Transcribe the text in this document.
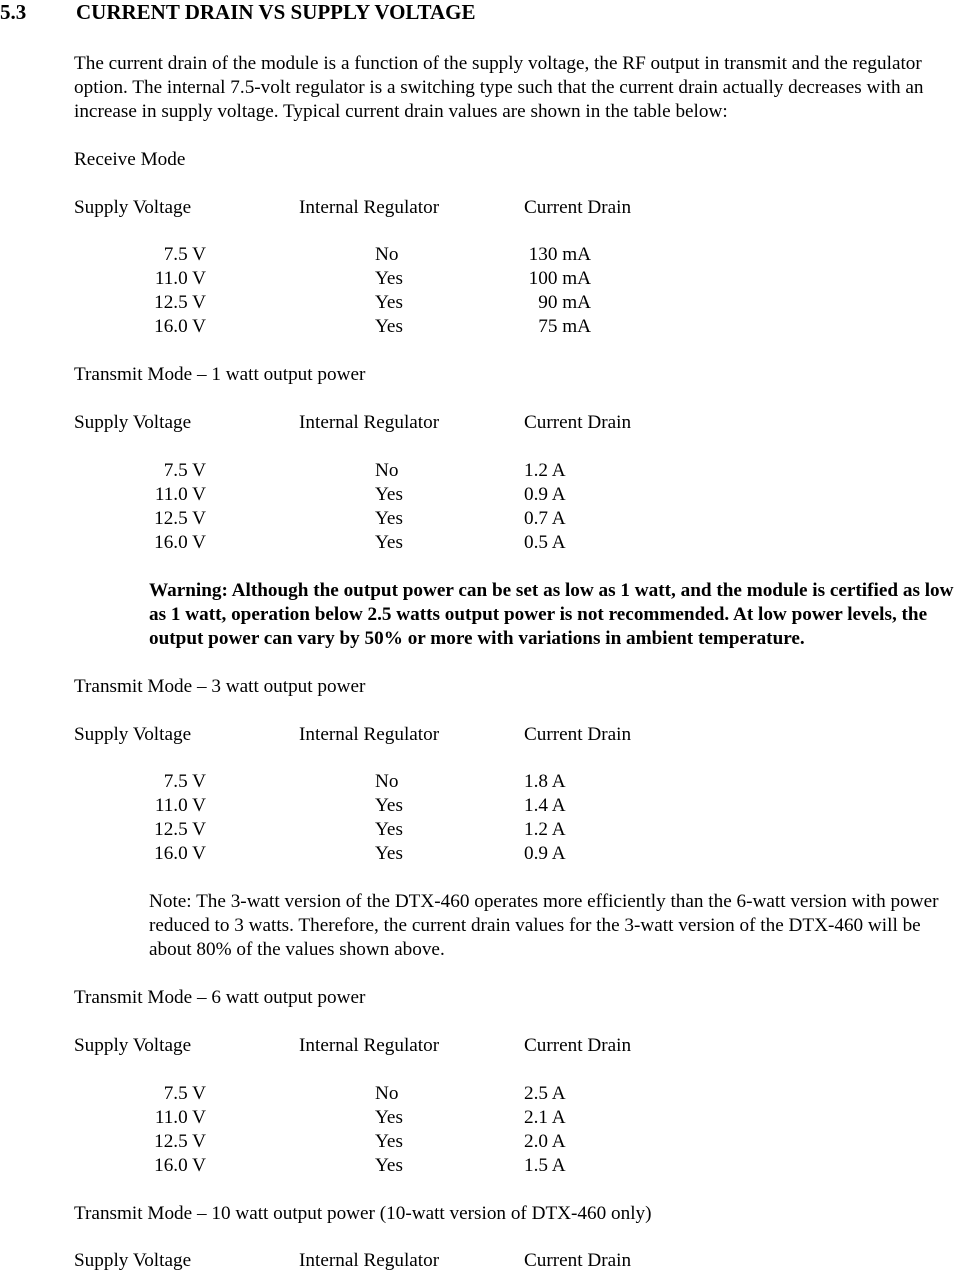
5.3 CURRENT DRAIN VS SUPPLY VOLTAGE
The current drain of the module is a function of the supply voltage, the RF output in transmit and the regulator option. The internal 7.5-volt regulator is a switching type such that the current drain actually decreases with an increase in supply voltage. Typical current drain values are shown in the table below:
Receive Mode
Supply Voltage	Internal Regulator	Current Drain
7.5 V	No	130 mA
11.0 V	Yes	100 mA
12.5 V	Yes	90 mA
16.0 V	Yes	75 mA
Transmit Mode – 1 watt output power
Supply Voltage	Internal Regulator	Current Drain
7.5 V	No	1.2 A
11.0 V	Yes	0.9 A
12.5 V	Yes	0.7 A
16.0 V	Yes	0.5 A
Warning: Although the output power can be set as low as 1 watt, and the module is certified as low as 1 watt, operation below 2.5 watts output power is not recommended. At low power levels, the output power can vary by 50% or more with variations in ambient temperature.
Transmit Mode – 3 watt output power
Supply Voltage	Internal Regulator	Current Drain
7.5 V	No	1.8 A
11.0 V	Yes	1.4 A
12.5 V	Yes	1.2 A
16.0 V	Yes	0.9 A
Note: The 3-watt version of the DTX-460 operates more efficiently than the 6-watt version with power reduced to 3 watts. Therefore, the current drain values for the 3-watt version of the DTX-460 will be about 80% of the values shown above.
Transmit Mode – 6 watt output power
Supply Voltage	Internal Regulator	Current Drain
7.5 V	No	2.5 A
11.0 V	Yes	2.1 A
12.5 V	Yes	2.0 A
16.0 V	Yes	1.5 A
Transmit Mode – 10 watt output power (10-watt version of DTX-460 only)
Supply Voltage	Internal Regulator	Current Drain
